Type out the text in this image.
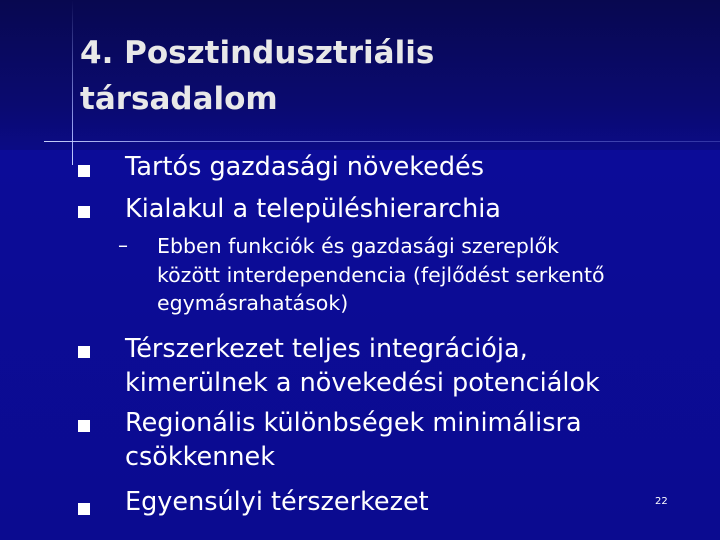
4. Posztindusztriális
társadalom
Tartós gazdasági növekedés
Kialakul a településhierarchia
– Ebben funkciók és gazdasági szereplők
között interdependencia (fejlődést serkentő
egymásrahatások)
Térszerkezet teljes integrációja,
kimerülnek a növekedési potenciálok
Regionális különbségek minimálisra
csökkennek
Egyensúlyi térszerkezet	22
